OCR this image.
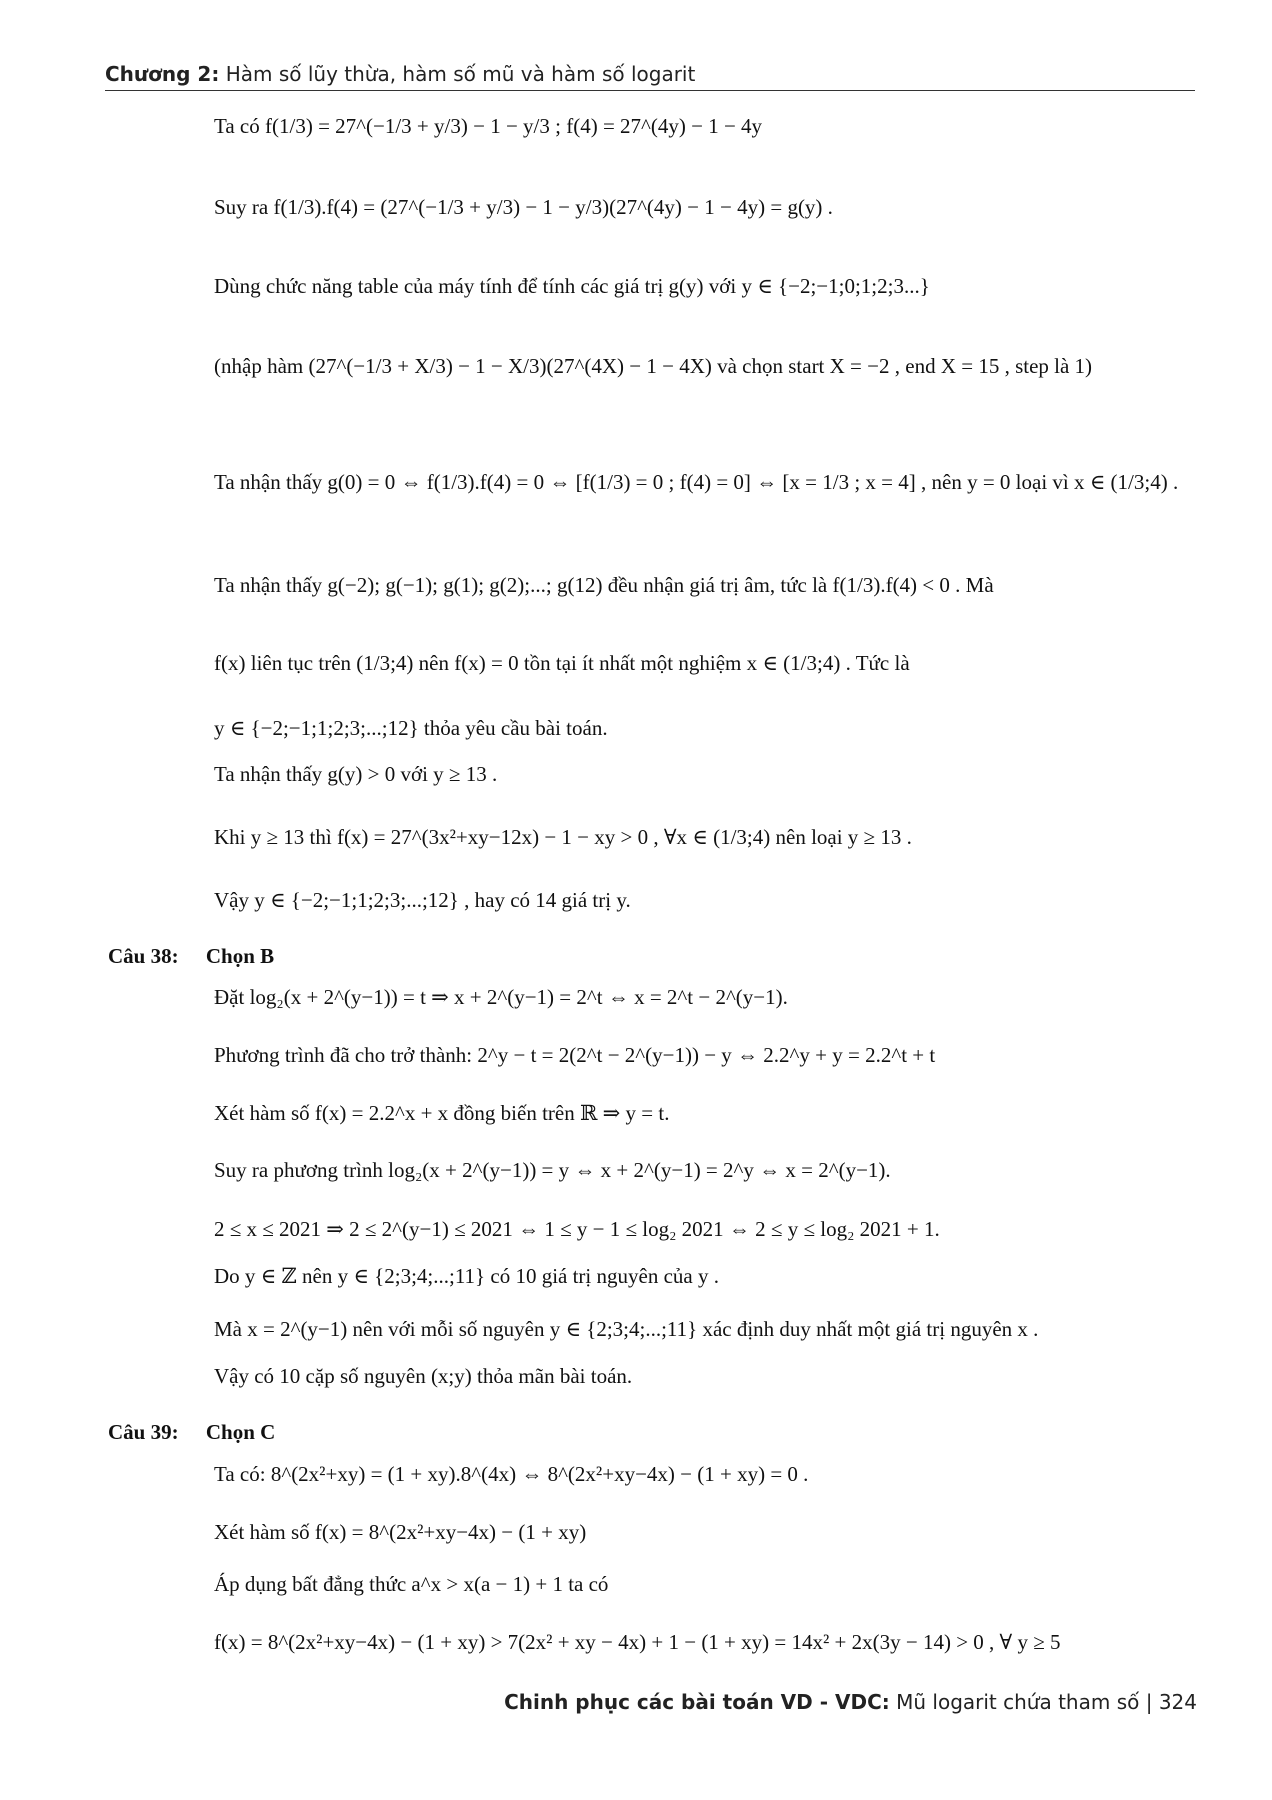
Chương 2: Hàm số lũy thừa, hàm số mũ và hàm số logarit
Ta có f(1/3) = 27^(−1/3 + y/3) − 1 − y/3 ; f(4) = 27^(4y) − 1 − 4y
Suy ra f(1/3).f(4) = (27^(−1/3 + y/3) − 1 − y/3)(27^(4y) − 1 − 4y) = g(y) .
Dùng chức năng table của máy tính để tính các giá trị g(y) với y ∈ {−2;−1;0;1;2;3...}
(nhập hàm (27^(−1/3 + X/3) − 1 − X/3)(27^(4X) − 1 − 4X) và chọn start X = −2 , end X = 15 , step là 1)
Ta nhận thấy g(0) = 0 ⇔ f(1/3).f(4) = 0 ⇔ [f(1/3) = 0 ; f(4) = 0] ⇔ [x = 1/3 ; x = 4] , nên y = 0 loại vì x ∈ (1/3;4) .
Ta nhận thấy g(−2); g(−1); g(1); g(2);...; g(12) đều nhận giá trị âm, tức là f(1/3).f(4) < 0 . Mà
f(x) liên tục trên (1/3;4) nên f(x) = 0 tồn tại ít nhất một nghiệm x ∈ (1/3;4) . Tức là
y ∈ {−2;−1;1;2;3;...;12} thỏa yêu cầu bài toán.
Ta nhận thấy g(y) > 0 với y ≥ 13 .
Khi y ≥ 13 thì f(x) = 27^(3x²+xy−12x) − 1 − xy > 0 , ∀x ∈ (1/3;4) nên loại y ≥ 13 .
Vậy y ∈ {−2;−1;1;2;3;...;12} , hay có 14 giá trị y.
Câu 38: Chọn B
Đặt log₂(x + 2^(y−1)) = t ⇒ x + 2^(y−1) = 2^t ⇔ x = 2^t − 2^(y−1).
Phương trình đã cho trở thành: 2^y − t = 2(2^t − 2^(y−1)) − y ⇔ 2.2^y + y = 2.2^t + t
Xét hàm số f(x) = 2.2^x + x đồng biến trên ℝ ⇒ y = t.
Suy ra phương trình log₂(x + 2^(y−1)) = y ⇔ x + 2^(y−1) = 2^y ⇔ x = 2^(y−1).
2 ≤ x ≤ 2021 ⇒ 2 ≤ 2^(y−1) ≤ 2021 ⇔ 1 ≤ y − 1 ≤ log₂ 2021 ⇔ 2 ≤ y ≤ log₂ 2021 + 1.
Do y ∈ ℤ nên y ∈ {2;3;4;...;11} có 10 giá trị nguyên của y .
Mà x = 2^(y−1) nên với mỗi số nguyên y ∈ {2;3;4;...;11} xác định duy nhất một giá trị nguyên x .
Vậy có 10 cặp số nguyên (x;y) thỏa mãn bài toán.
Câu 39: Chọn C
Ta có: 8^(2x²+xy) = (1 + xy).8^(4x) ⇔ 8^(2x²+xy−4x) − (1 + xy) = 0 .
Xét hàm số f(x) = 8^(2x²+xy−4x) − (1 + xy)
Áp dụng bất đẳng thức a^x > x(a − 1) + 1 ta có
f(x) = 8^(2x²+xy−4x) − (1 + xy) > 7(2x² + xy − 4x) + 1 − (1 + xy) = 14x² + 2x(3y − 14) > 0 , ∀ y ≥ 5
Chinh phục các bài toán VD - VDC: Mũ logarit chứa tham số | 324
